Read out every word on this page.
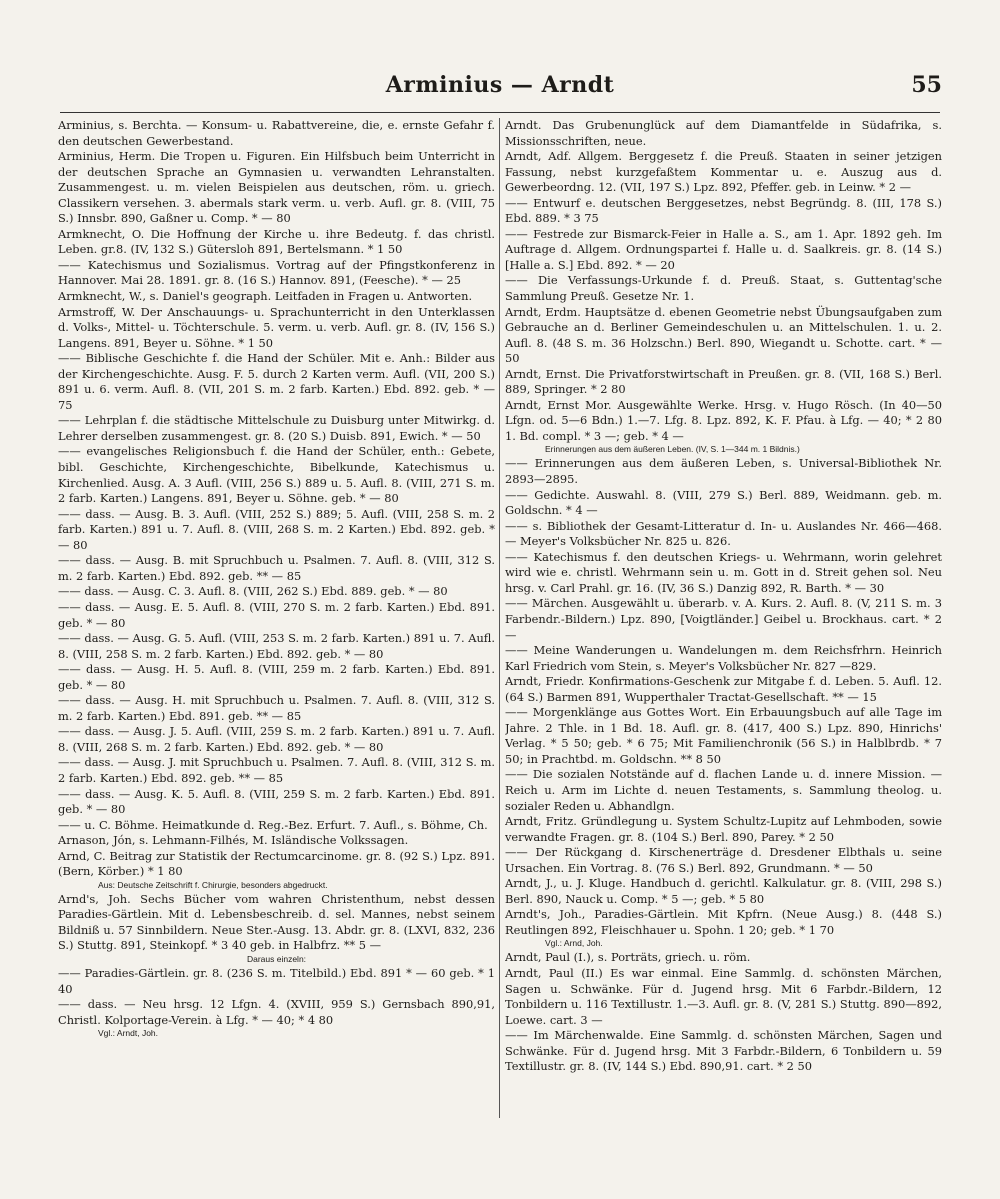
Arminius — Arndt	55

Arminius, s. Berchta. — Konsum- u. Rabattvereine, die, e. ernste Gefahr f. den deutschen Gewerbestand.

Arminius, Herm. Die Tropen u. Figuren. Ein Hilfsbuch beim Unterricht in der deutschen Sprache an Gymnasien u. verwandten Lehranstalten. Zusammengest. u. m. vielen Beispielen aus deutschen, röm. u. griech. Classikern versehen. 3. abermals stark verm. u. verb. Aufl. gr. 8. (VIII, 75 S.) Innsbr. 890, Gaßner u. Comp. * — 80

Armknecht, O. Die Hoffnung der Kirche u. ihre Bedeutg. f. das christl. Leben. gr.8. (IV, 132 S.) Gütersloh 891, Bertelsmann. * 1 50

—— Katechismus und Sozialismus. Vortrag auf der Pfingstkonferenz in Hannover. Mai 28. 1891. gr. 8. (16 S.) Hannov. 891, (Feesche). * — 25

Armknecht, W., s. Daniel's geograph. Leitfaden in Fragen u. Antworten.

Armstroff, W. Der Anschauungs- u. Sprachunterricht in den Unterklassen d. Volks-, Mittel- u. Töchterschule. 5. verm. u. verb. Aufl. gr. 8. (IV, 156 S.) Langens. 891, Beyer u. Söhne. * 1 50

—— Biblische Geschichte f. die Hand der Schüler. Mit e. Anh.: Bilder aus der Kirchengeschichte. Ausg. F. 5. durch 2 Karten verm. Aufl. (VII, 200 S.) 891 u. 6. verm. Aufl. 8. (VII, 201 S. m. 2 farb. Karten.) Ebd. 892. geb. * — 75

—— Lehrplan f. die städtische Mittelschule zu Duisburg unter Mitwirkg. d. Lehrer derselben zusammengest. gr. 8. (20 S.) Duisb. 891, Ewich. * — 50

—— evangelisches Religionsbuch f. die Hand der Schüler, enth.: Gebete, bibl. Geschichte, Kirchengeschichte, Bibelkunde, Katechismus u. Kirchenlied. Ausg. A. 3 Aufl. (VIII, 256 S.) 889 u. 5. Aufl. 8. (VIII, 271 S. m. 2 farb. Karten.) Langens. 891, Beyer u. Söhne. geb. * — 80

—— dass. — Ausg. B. 3. Aufl. (VIII, 252 S.) 889; 5. Aufl. (VIII, 258 S. m. 2 farb. Karten.) 891 u. 7. Aufl. 8. (VIII, 268 S. m. 2 Karten.) Ebd. 892. geb. * — 80

—— dass. — Ausg. B. mit Spruchbuch u. Psalmen. 7. Aufl. 8. (VIII, 312 S. m. 2 farb. Karten.) Ebd. 892. geb. ** — 85

—— dass. — Ausg. C. 3. Aufl. 8. (VIII, 262 S.) Ebd. 889. geb. * — 80

—— dass. — Ausg. E. 5. Aufl. 8. (VIII, 270 S. m. 2 farb. Karten.) Ebd. 891. geb. * — 80

—— dass. — Ausg. G. 5. Aufl. (VIII, 253 S. m. 2 farb. Karten.) 891 u. 7. Aufl. 8. (VIII, 258 S. m. 2 farb. Karten.) Ebd. 892. geb. * — 80

—— dass. — Ausg. H. 5. Aufl. 8. (VIII, 259 m. 2 farb. Karten.) Ebd. 891. geb. * — 80

—— dass. — Ausg. H. mit Spruchbuch u. Psalmen. 7. Aufl. 8. (VIII, 312 S. m. 2 farb. Karten.) Ebd. 891. geb. ** — 85

—— dass. — Ausg. J. 5. Aufl. (VIII, 259 S. m. 2 farb. Karten.) 891 u. 7. Aufl. 8. (VIII, 268 S. m. 2 farb. Karten.) Ebd. 892. geb. * — 80

—— dass. — Ausg. J. mit Spruchbuch u. Psalmen. 7. Aufl. 8. (VIII, 312 S. m. 2 farb. Karten.) Ebd. 892. geb. ** — 85

—— dass. — Ausg. K. 5. Aufl. 8. (VIII, 259 S. m. 2 farb. Karten.) Ebd. 891. geb. * — 80

—— u. C. Böhme. Heimatkunde d. Reg.-Bez. Erfurt. 7. Aufl., s. Böhme, Ch.

Arnason, Jón, s. Lehmann-Filhés, M. Isländische Volkssagen.

Arnd, C. Beitrag zur Statistik der Rectumcarcinome. gr. 8. (92 S.) Lpz. 891. (Bern, Körber.) * 1 80

Aus: Deutsche Zeitschrift f. Chirurgie, besonders abgedruckt.

Arnd's, Joh. Sechs Bücher vom wahren Christenthum, nebst dessen Paradies-Gärtlein. Mit d. Lebensbeschreib. d. sel. Mannes, nebst seinem Bildniß u. 57 Sinnbildern. Neue Ster.-Ausg. 13. Abdr. gr. 8. (LXVI, 832, 236 S.) Stuttg. 891, Steinkopf. * 3 40 geb. in Halbfrz. ** 5 —

Daraus einzeln:

—— Paradies-Gärtlein. gr. 8. (236 S. m. Titelbild.) Ebd. 891 * — 60 geb. * 1 40

—— dass. — Neu hrsg. 12 Lfgn. 4. (XVIII, 959 S.) Gernsbach 890,91, Christl. Kolportage-Verein. à Lfg. * — 40; * 4 80

Vgl.: Arndt, Joh.

Arndt. Das Grubenunglück auf dem Diamantfelde in Südafrika, s. Missionsschriften, neue.

Arndt, Adf. Allgem. Berggesetz f. die Preuß. Staaten in seiner jetzigen Fassung, nebst kurzgefaßtem Kommentar u. e. Auszug aus d. Gewerbeordng. 12. (VII, 197 S.) Lpz. 892, Pfeffer. geb. in Leinw. * 2 —

—— Entwurf e. deutschen Berggesetzes, nebst Begründg. 8. (III, 178 S.) Ebd. 889. * 3 75

—— Festrede zur Bismarck-Feier in Halle a. S., am 1. Apr. 1892 geh. Im Auftrage d. Allgem. Ordnungspartei f. Halle u. d. Saalkreis. gr. 8. (14 S.) [Halle a. S.] Ebd. 892. * — 20

—— Die Verfassungs-Urkunde f. d. Preuß. Staat, s. Guttentag'sche Sammlung Preuß. Gesetze Nr. 1.

Arndt, Erdm. Hauptsätze d. ebenen Geometrie nebst Übungsaufgaben zum Gebrauche an d. Berliner Gemeindeschulen u. an Mittelschulen. 1. u. 2. Aufl. 8. (48 S. m. 36 Holzschn.) Berl. 890, Wiegandt u. Schotte. cart. * — 50

Arndt, Ernst. Die Privatforstwirtschaft in Preußen. gr. 8. (VII, 168 S.) Berl. 889, Springer. * 2 80

Arndt, Ernst Mor. Ausgewählte Werke. Hrsg. v. Hugo Rösch. (In 40—50 Lfgn. od. 5—6 Bdn.) 1.—7. Lfg. 8. Lpz. 892, K. F. Pfau. à Lfg. — 40; * 2 80 1. Bd. compl. * 3 —; geb. * 4 —

Erinnerungen aus dem äußeren Leben. (IV, S. 1—344 m. 1 Bildnis.)

—— Erinnerungen aus dem äußeren Leben, s. Universal-Bibliothek Nr. 2893—2895.

—— Gedichte. Auswahl. 8. (VIII, 279 S.) Berl. 889, Weidmann. geb. m. Goldschn. * 4 —

—— s. Bibliothek der Gesamt-Litteratur d. In- u. Auslandes Nr. 466—468. — Meyer's Volksbücher Nr. 825 u. 826.

—— Katechismus f. den deutschen Kriegs- u. Wehrmann, worin gelehret wird wie e. christl. Wehrmann sein u. m. Gott in d. Streit gehen sol. Neu hrsg. v. Carl Prahl. gr. 16. (IV, 36 S.) Danzig 892, R. Barth. * — 30

—— Märchen. Ausgewählt u. überarb. v. A. Kurs. 2. Aufl. 8. (V, 211 S. m. 3 Farbendr.-Bildern.) Lpz. 890, [Voigtländer.] Geibel u. Brockhaus. cart. * 2 —

—— Meine Wanderungen u. Wandelungen m. dem Reichsfrhrn. Heinrich Karl Friedrich vom Stein, s. Meyer's Volksbücher Nr. 827 —829.

Arndt, Friedr. Konfirmations-Geschenk zur Mitgabe f. d. Leben. 5. Aufl. 12. (64 S.) Barmen 891, Wupperthaler Tractat-Gesellschaft. ** — 15

—— Morgenklänge aus Gottes Wort. Ein Erbauungsbuch auf alle Tage im Jahre. 2 Thle. in 1 Bd. 18. Aufl. gr. 8. (417, 400 S.) Lpz. 890, Hinrichs' Verlag. * 5 50; geb. * 6 75; Mit Familienchronik (56 S.) in Halblbrdb. * 7 50; in Prachtbd. m. Goldschn. ** 8 50

—— Die sozialen Notstände auf d. flachen Lande u. d. innere Mission. — Reich u. Arm im Lichte d. neuen Testaments, s. Sammlung theolog. u. sozialer Reden u. Abhandlgn.

Arndt, Fritz. Gründlegung u. System Schultz-Lupitz auf Lehmboden, sowie verwandte Fragen. gr. 8. (104 S.) Berl. 890, Parey. * 2 50

—— Der Rückgang d. Kirschenerträge d. Dresdener Elbthals u. seine Ursachen. Ein Vortrag. 8. (76 S.) Berl. 892, Grundmann. * — 50

Arndt, J., u. J. Kluge. Handbuch d. gerichtl. Kalkulatur. gr. 8. (VIII, 298 S.) Berl. 890, Nauck u. Comp. * 5 —; geb. * 5 80

Arndt's, Joh., Paradies-Gärtlein. Mit Kpfrn. (Neue Ausg.) 8. (448 S.) Reutlingen 892, Fleischhauer u. Spohn. 1 20; geb. * 1 70

Vgl.: Arnd, Joh.

Arndt, Paul (I.), s. Porträts, griech. u. röm.

Arndt, Paul (II.) Es war einmal. Eine Sammlg. d. schönsten Märchen, Sagen u. Schwänke. Für d. Jugend hrsg. Mit 6 Farbdr.-Bildern, 12 Tonbildern u. 116 Textillustr. 1.—3. Aufl. gr. 8. (V, 281 S.) Stuttg. 890—892, Loewe. cart. 3 —

—— Im Märchenwalde. Eine Sammlg. d. schönsten Märchen, Sagen und Schwänke. Für d. Jugend hrsg. Mit 3 Farbdr.-Bildern, 6 Tonbildern u. 59 Textillustr. gr. 8. (IV, 144 S.) Ebd. 890,91. cart. * 2 50
